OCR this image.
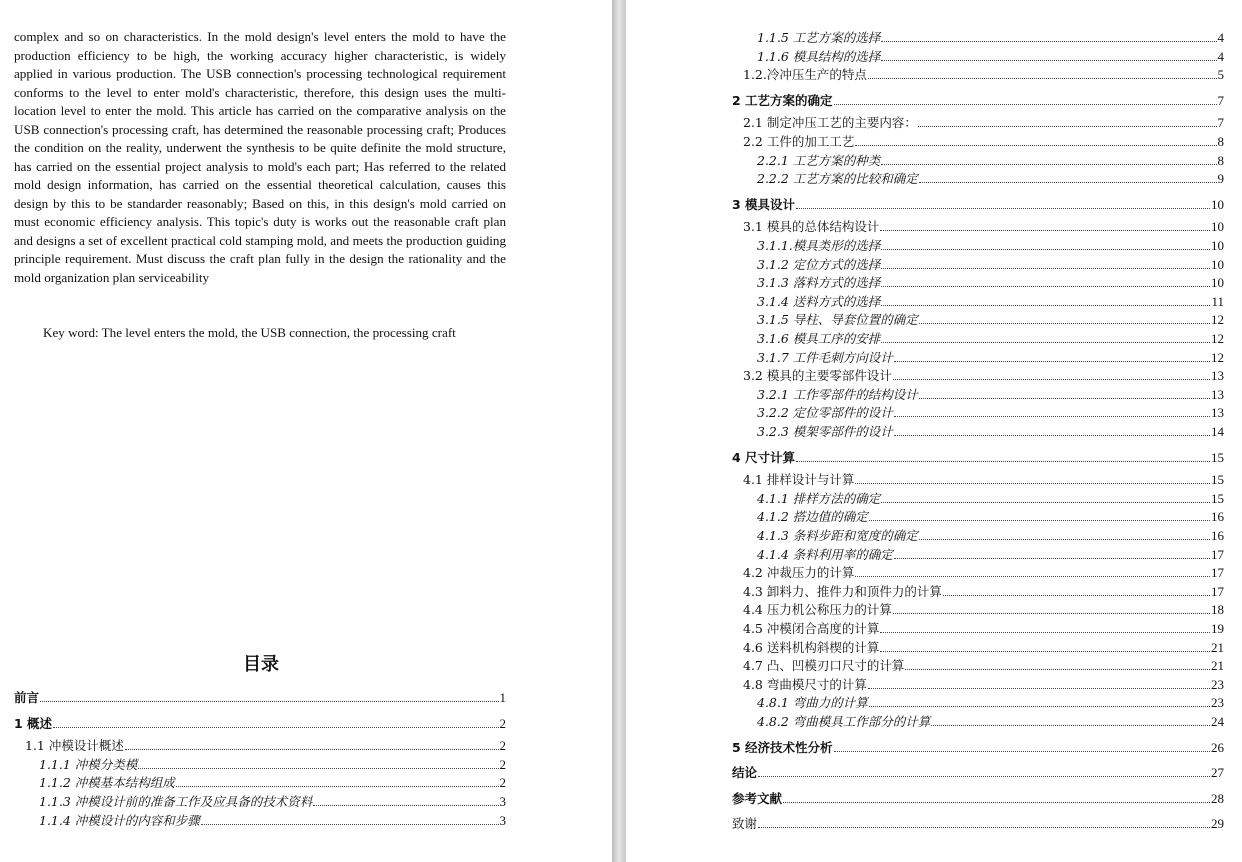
complex and so on characteristics. In the mold design's level enters the mold to have the production efficiency to be high, the working accuracy higher characteristic, is widely applied in various production. The USB connection's processing technological requirement conforms to the level to enter mold's characteristic, therefore, this design uses the multi-location level to enter the mold. This article has carried on the comparative analysis on the USB connection's processing craft, has determined the reasonable processing craft; Produces the condition on the reality, underwent the synthesis to be quite definite the mold structure, has carried on the essential project analysis to mold's each part; Has referred to the related mold design information, has carried on the essential theoretical calculation, causes this design by this to be standarder reasonably; Based on this, in this design's mold carried on must economic efficiency analysis. This topic's duty is works out the reasonable craft plan and designs a set of excellent practical cold stamping mold, and meets the production guiding principle requirement. Must discuss the craft plan fully in the design the rationality and the mold organization plan serviceability

Key word: The level enters the mold, the USB connection, the processing craft

目录
前言	1
1 概述	2
1.1 冲模设计概述	2
1.1.1 冲模分类模	2
1.1.2 冲模基本结构组成	2
1.1.3 冲模设计前的准备工作及应具备的技术资料	3
1.1.4 冲模设计的内容和步骤	3
1.1.5 工艺方案的选择	4
1.1.6 模具结构的选择	4
1.2.冷冲压生产的特点	5
2 工艺方案的确定	7
2.1 制定冲压工艺的主要内容：	7
2.2 工件的加工工艺	8
2.2.1 工艺方案的种类	8
2.2.2 工艺方案的比较和确定	9
3 模具设计	10
3.1 模具的总体结构设计	10
3.1.1.模具类形的选择	10
3.1.2 定位方式的选择	10
3.1.3 落料方式的选择	10
3.1.4 送料方式的选择	11
3.1.5 导柱、导套位置的确定	12
3.1.6 模具工序的安排	12
3.1.7 工件毛刺方向设计	12
3.2 模具的主要零部件设计	13
3.2.1 工作零部件的结构设计	13
3.2.2 定位零部件的设计	13
3.2.3 模架零部件的设计	14
4 尺寸计算	15
4.1 排样设计与计算	15
4.1.1 排样方法的确定	15
4.1.2 搭边值的确定	16
4.1.3 条料步距和宽度的确定	16
4.1.4 条料利用率的确定	17
4.2 冲裁压力的计算	17
4.3 卸料力、推件力和顶件力的计算	17
4.4 压力机公称压力的计算	18
4.5 冲模闭合高度的计算	19
4.6 送料机构斜楔的计算	21
4.7 凸、凹模刃口尺寸的计算	21
4.8 弯曲模尺寸的计算	23
4.8.1 弯曲力的计算	23
4.8.2 弯曲模具工作部分的计算	24
5 经济技术性分析	26
结论	27
参考文献	28
致谢	29
